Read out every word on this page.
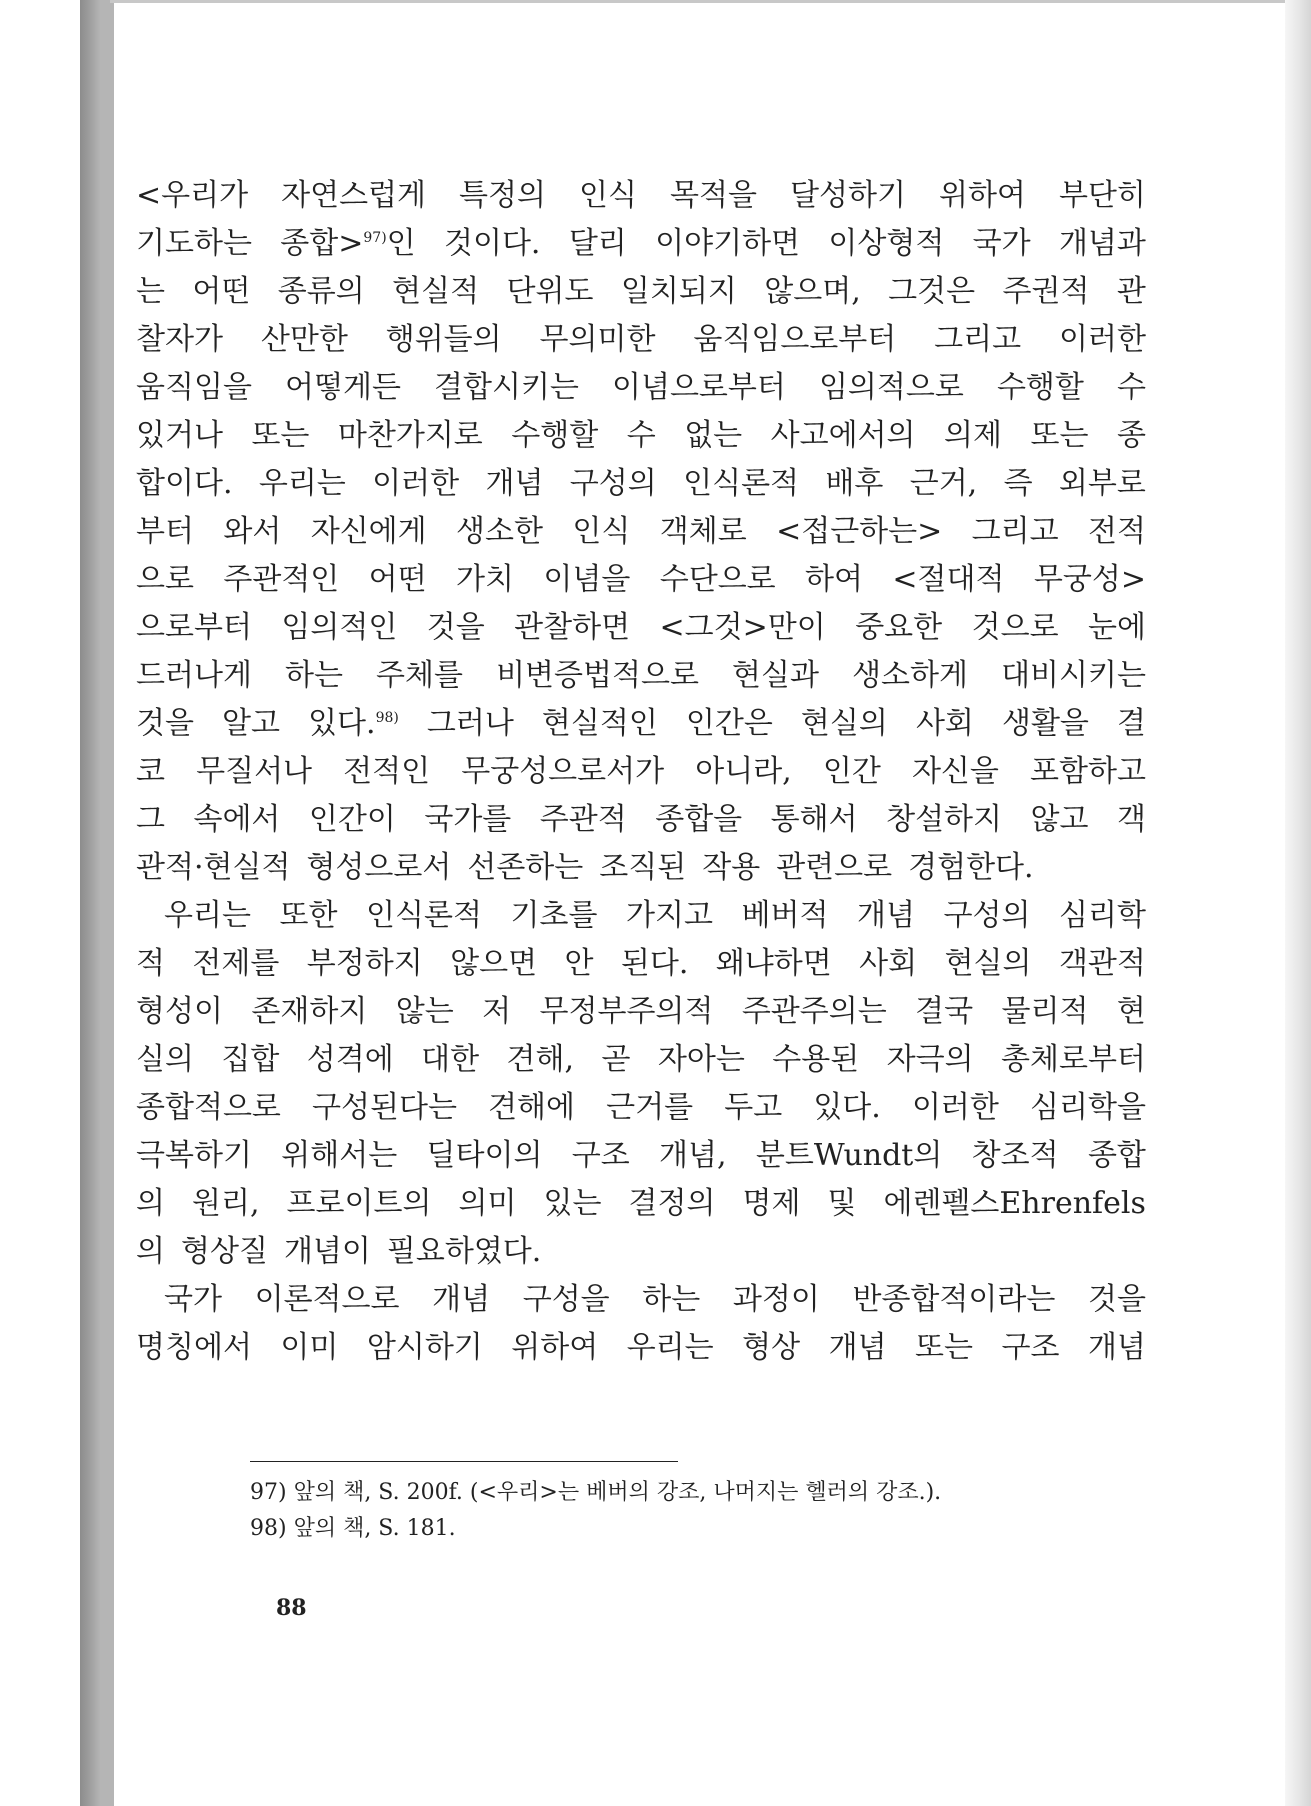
<우리가 자연스럽게 특정의 인식 목적을 달성하기 위하여 부단히
기도하는 종합>$^{97)}$인 것이다. 달리 이야기하면 이상형적 국가 개념과
는 어떤 종류의 현실적 단위도 일치되지 않으며, 그것은 주권적 관
찰자가 산만한 행위들의 무의미한 움직임으로부터 그리고 이러한
움직임을 어떻게든 결합시키는 이념으로부터 임의적으로 수행할 수
있거나 또는 마찬가지로 수행할 수 없는 사고에서의 의제 또는 종
합이다. 우리는 이러한 개념 구성의 인식론적 배후 근거, 즉 외부로
부터 와서 자신에게 생소한 인식 객체로 <접근하는> 그리고 전적
으로 주관적인 어떤 가치 이념을 수단으로 하여 <절대적 무궁성>
으로부터 임의적인 것을 관찰하면 <그것>만이 중요한 것으로 눈에
드러나게 하는 주체를 비변증법적으로 현실과 생소하게 대비시키는
것을 알고 있다.$^{98)}$ 그러나 현실적인 인간은 현실의 사회 생활을 결
코 무질서나 전적인 무궁성으로서가 아니라, 인간 자신을 포함하고
그 속에서 인간이 국가를 주관적 종합을 통해서 창설하지 않고 객
관적·현실적 형성으로서 선존하는 조직된 작용 관련으로 경험한다.
우리는 또한 인식론적 기초를 가지고 베버적 개념 구성의 심리학
적 전제를 부정하지 않으면 안 된다. 왜냐하면 사회 현실의 객관적
형성이 존재하지 않는 저 무정부주의적 주관주의는 결국 물리적 현
실의 집합 성격에 대한 견해, 곧 자아는 수용된 자극의 총체로부터
종합적으로 구성된다는 견해에 근거를 두고 있다. 이러한 심리학을
극복하기 위해서는 딜타이의 구조 개념, 분트Wundt의 창조적 종합
의 원리, 프로이트의 의미 있는 결정의 명제 및 에렌펠스Ehrenfels
의 형상질 개념이 필요하였다.
국가 이론적으로 개념 구성을 하는 과정이 반종합적이라는 것을
명칭에서 이미 암시하기 위하여 우리는 형상 개념 또는 구조 개념
97) 앞의 책, S. 200f. (<우리>는 베버의 강조, 나머지는 헬러의 강조.).
98) 앞의 책, S. 181.
88
